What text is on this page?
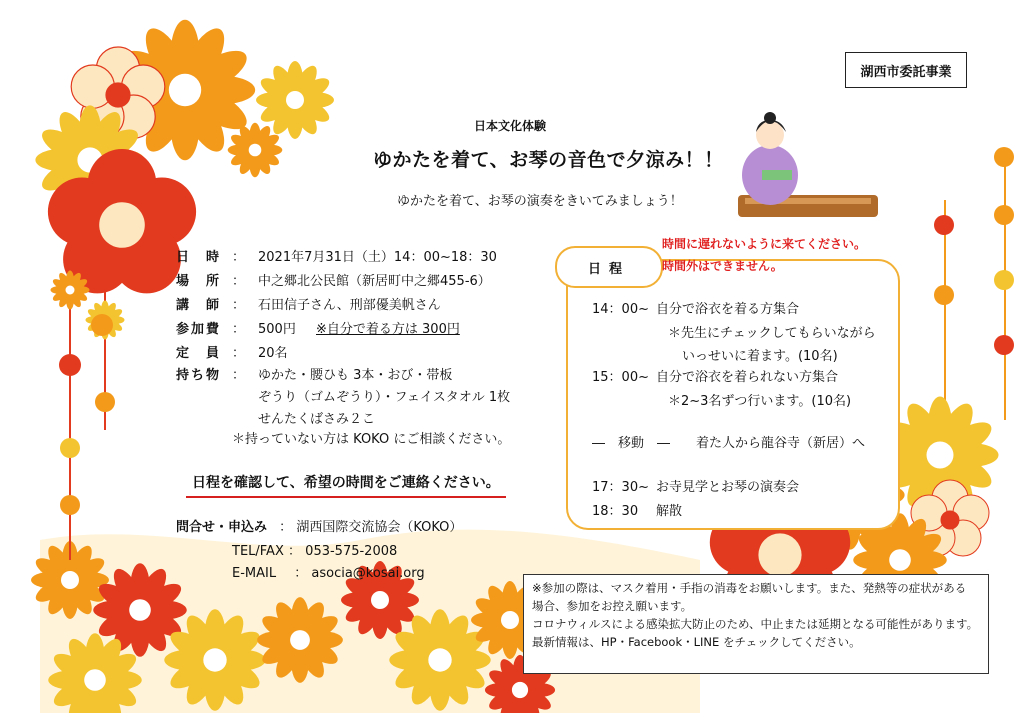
湖西市委託事業
日本文化体験
ゆかたを着て、お琴の音色で夕涼み！！
ゆかたを着て、お琴の演奏をきいてみましょう！
日　時 ： 2021年7月31日（土）14：00~18：30
場　所 ： 中之郷北公民館（新居町中之郷455-6）
講　師 ： 石田信子さん、刑部優美帆さん
参加費 ： 500円 ※自分で着る方は 300円
定　員 ： 20名
持ち物 ： ゆかた・腰ひも 3本・おび・帯板
ぞうり（ゴムぞうり）・フェイスタオル 1枚
せんたくばさみ２こ
＊持っていない方は KOKO にご相談ください。
日程を確認して、希望の時間をご連絡ください。
問合せ・申込み ： 湖西国際交流協会（KOKO）
TEL/FAX ： 053-575-2008
E-MAIL ： asocia@kosai.org
日程
時間に遅れないように来てください。
時間外はできません。
14：00~ 自分で浴衣を着る方集合
＊先生にチェックしてもらいながら
いっせいに着ます。(10名)
15：00~ 自分で浴衣を着られない方集合
＊2~3名ずつ行います。(10名)
―　移動　―　　着た人から龍谷寺（新居）へ
17：30~ お寺見学とお琴の演奏会
18：30 解散
※参加の際は、マスク着用・手指の消毒をお願いします。また、発熱等の症状がある
場合、参加をお控え願います。
コロナウィルスによる感染拡大防止のため、中止または延期となる可能性があります。
最新情報は、HP・Facebook・LINE をチェックしてください。
